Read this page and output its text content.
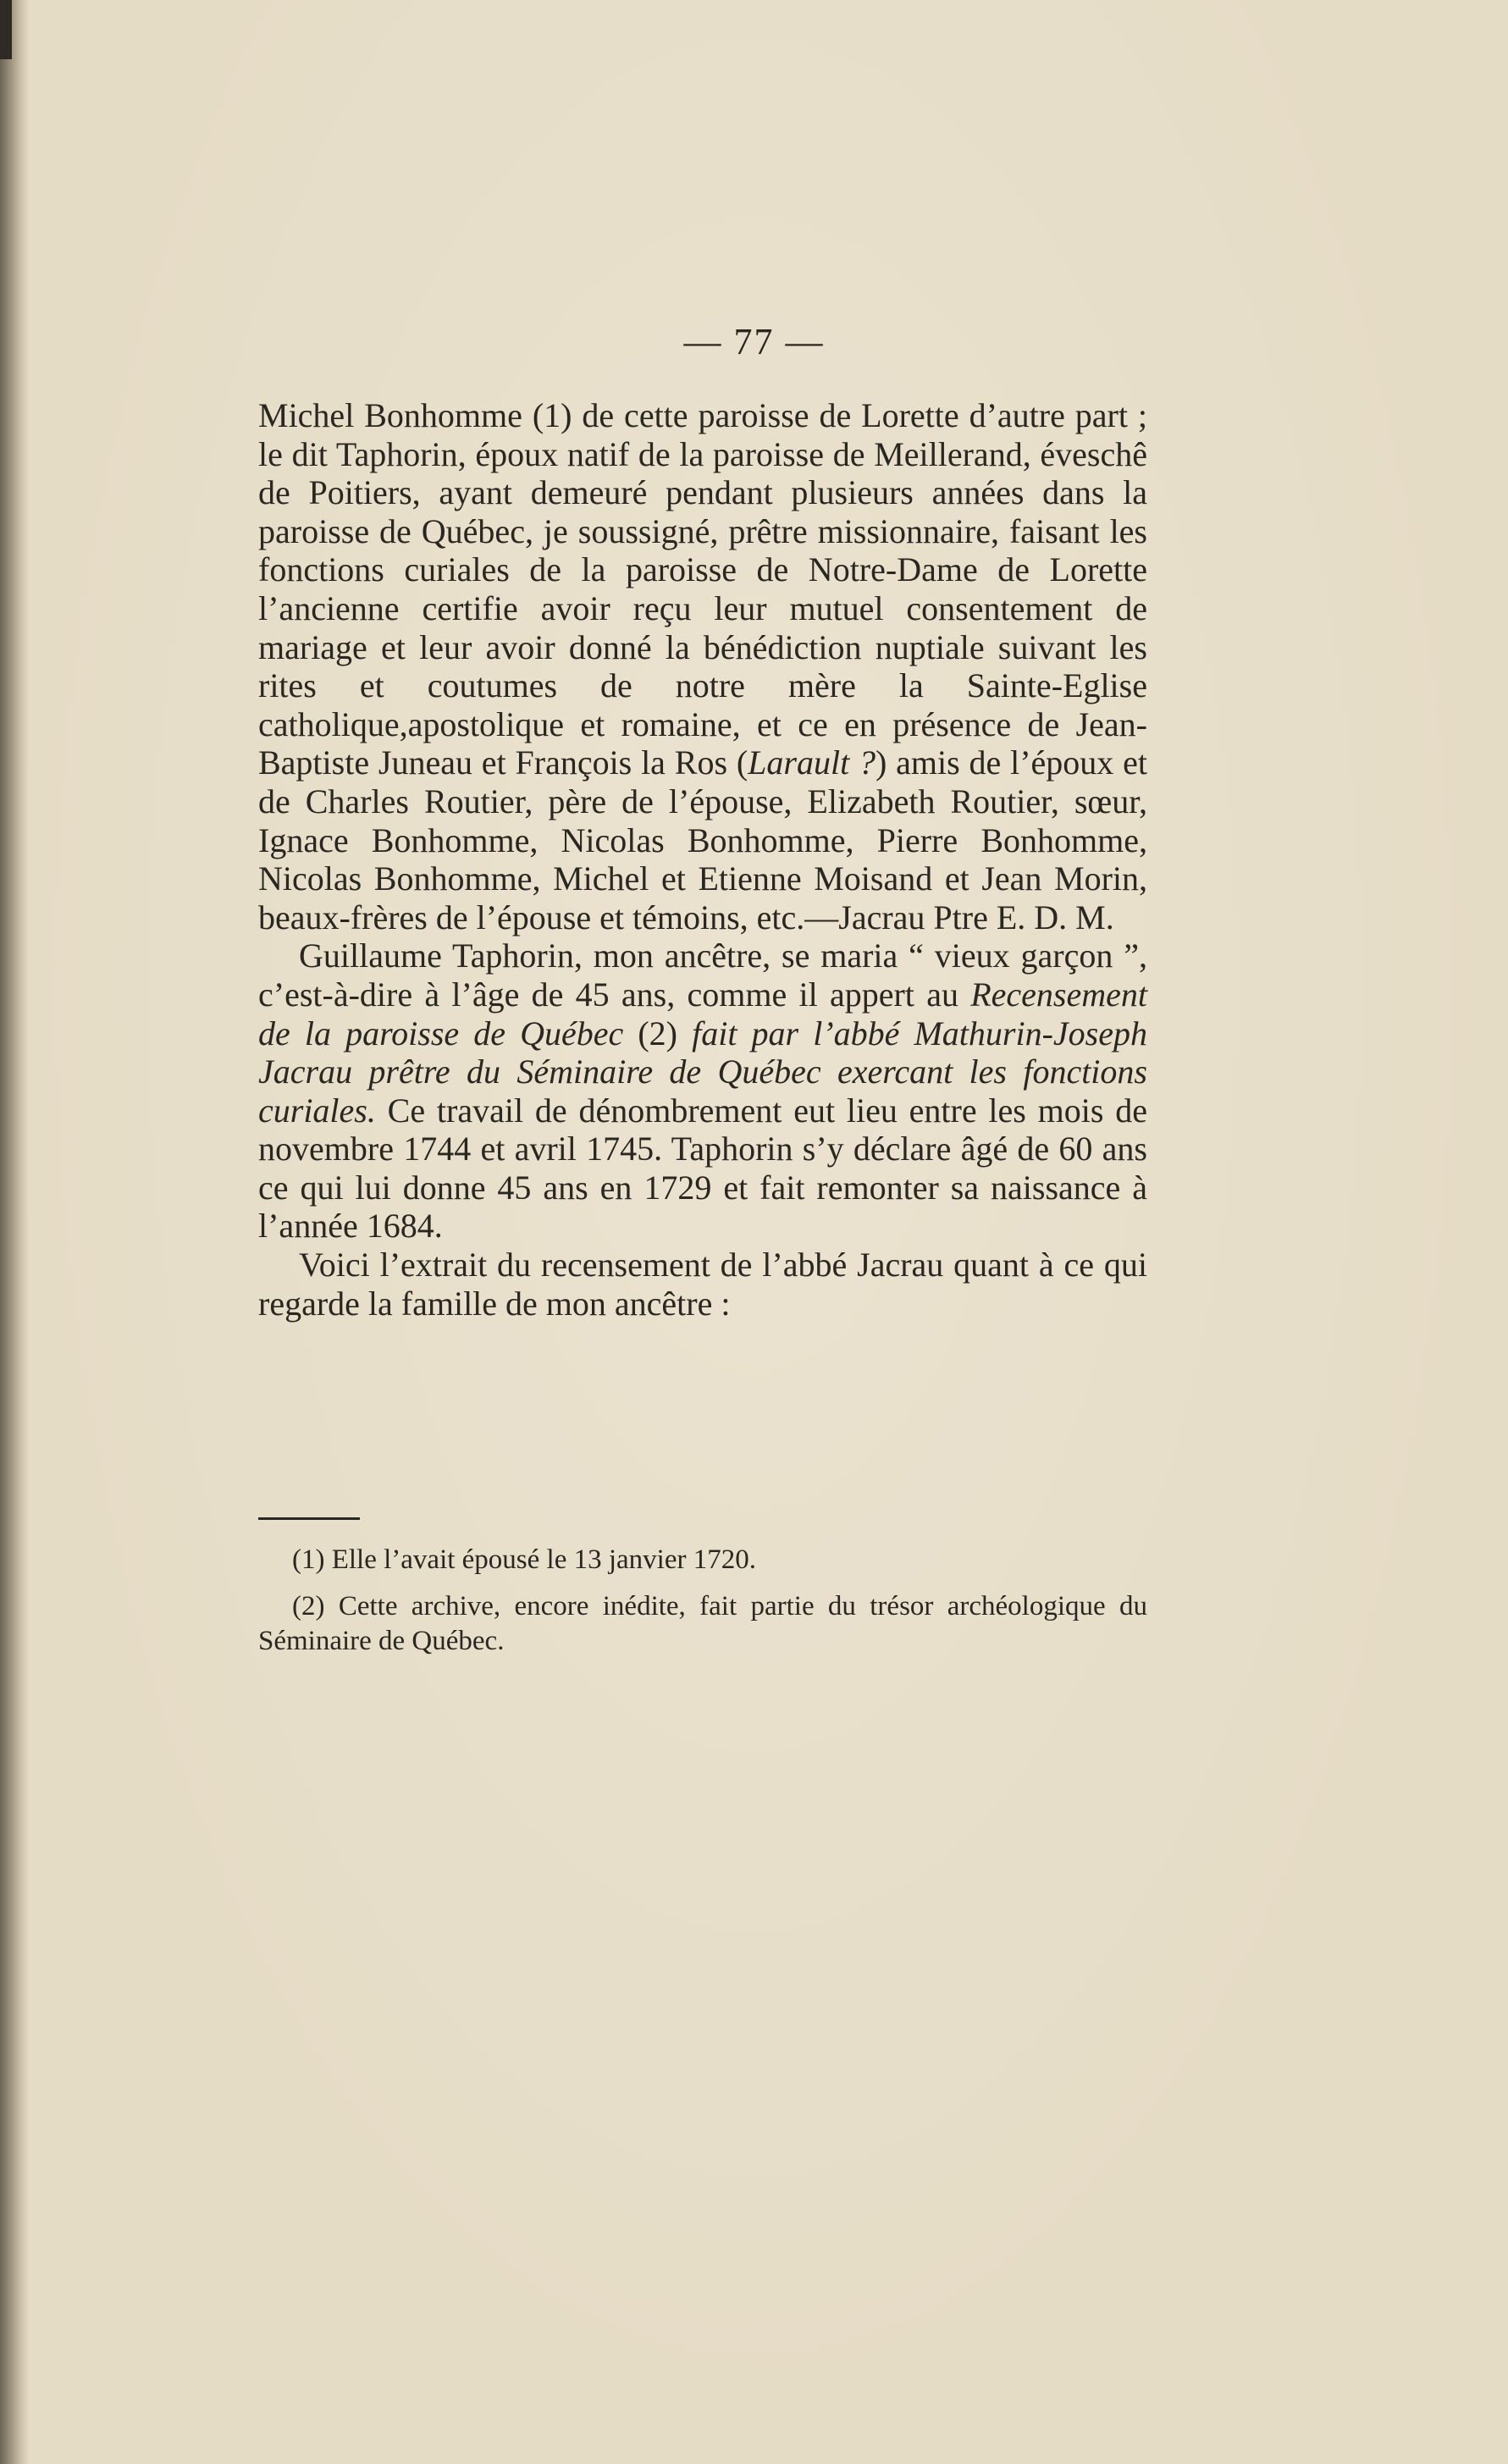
— 77 —

Michel Bonhomme (1) de cette paroisse de Lorette d’autre part ; le dit Taphorin, époux natif de la paroisse de Meillerand, éveschê de Poitiers, ayant demeuré pendant plusieurs années dans la paroisse de Québec, je soussigné, prêtre missionnaire, faisant les fonctions curiales de la paroisse de Notre-Dame de Lorette l’ancienne certifie avoir reçu leur mutuel consentement de mariage et leur avoir donné la bénédiction nuptiale suivant les rites et coutumes de notre mère la Sainte-Eglise catholique,apostolique et romaine, et ce en présence de Jean-Baptiste Juneau et François la Ros (Larault ?) amis de l’époux et de Charles Routier, père de l’épouse, Elizabeth Routier, sœur, Ignace Bonhomme, Nicolas Bonhomme, Pierre Bonhomme, Nicolas Bonhomme, Michel et Etienne Moisand et Jean Morin, beaux-frères de l’épouse et témoins, etc.—Jacrau Ptre E. D. M.

Guillaume Taphorin, mon ancêtre, se maria “ vieux garçon ”, c’est-à-dire à l’âge de 45 ans, comme il appert au Recensement de la paroisse de Québec (2) fait par l’abbé Mathurin-Joseph Jacrau prêtre du Séminaire de Québec exercant les fonctions curiales. Ce travail de dénombrement eut lieu entre les mois de novembre 1744 et avril 1745. Taphorin s’y déclare âgé de 60 ans ce qui lui donne 45 ans en 1729 et fait remonter sa naissance à l’année 1684.

Voici l’extrait du recensement de l’abbé Jacrau quant à ce qui regarde la famille de mon ancêtre :

(1) Elle l’avait épousé le 13 janvier 1720.

(2) Cette archive, encore inédite, fait partie du trésor archéologique du Séminaire de Québec.
